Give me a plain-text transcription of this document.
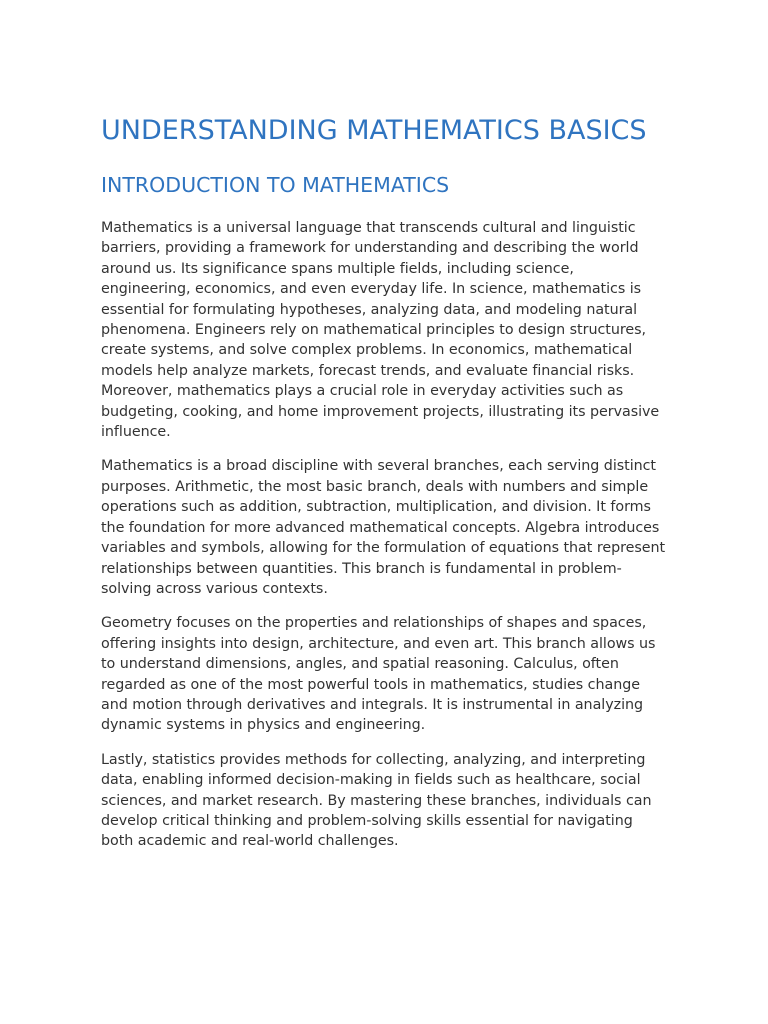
UNDERSTANDING MATHEMATICS BASICS
INTRODUCTION TO MATHEMATICS

Mathematics is a universal language that transcends cultural and linguistic barriers, providing a framework for understanding and describing the world around us. Its significance spans multiple fields, including science, engineering, economics, and even everyday life. In science, mathematics is essential for formulating hypotheses, analyzing data, and modeling natural phenomena. Engineers rely on mathematical principles to design structures, create systems, and solve complex problems. In economics, mathematical models help analyze markets, forecast trends, and evaluate financial risks. Moreover, mathematics plays a crucial role in everyday activities such as budgeting, cooking, and home improvement projects, illustrating its pervasive influence.

Mathematics is a broad discipline with several branches, each serving distinct purposes. Arithmetic, the most basic branch, deals with numbers and simple operations such as addition, subtraction, multiplication, and division. It forms the foundation for more advanced mathematical concepts. Algebra introduces variables and symbols, allowing for the formulation of equations that represent relationships between quantities. This branch is fundamental in problem-solving across various contexts.

Geometry focuses on the properties and relationships of shapes and spaces, offering insights into design, architecture, and even art. This branch allows us to understand dimensions, angles, and spatial reasoning. Calculus, often regarded as one of the most powerful tools in mathematics, studies change and motion through derivatives and integrals. It is instrumental in analyzing dynamic systems in physics and engineering.

Lastly, statistics provides methods for collecting, analyzing, and interpreting data, enabling informed decision-making in fields such as healthcare, social sciences, and market research. By mastering these branches, individuals can develop critical thinking and problem-solving skills essential for navigating both academic and real-world challenges.
